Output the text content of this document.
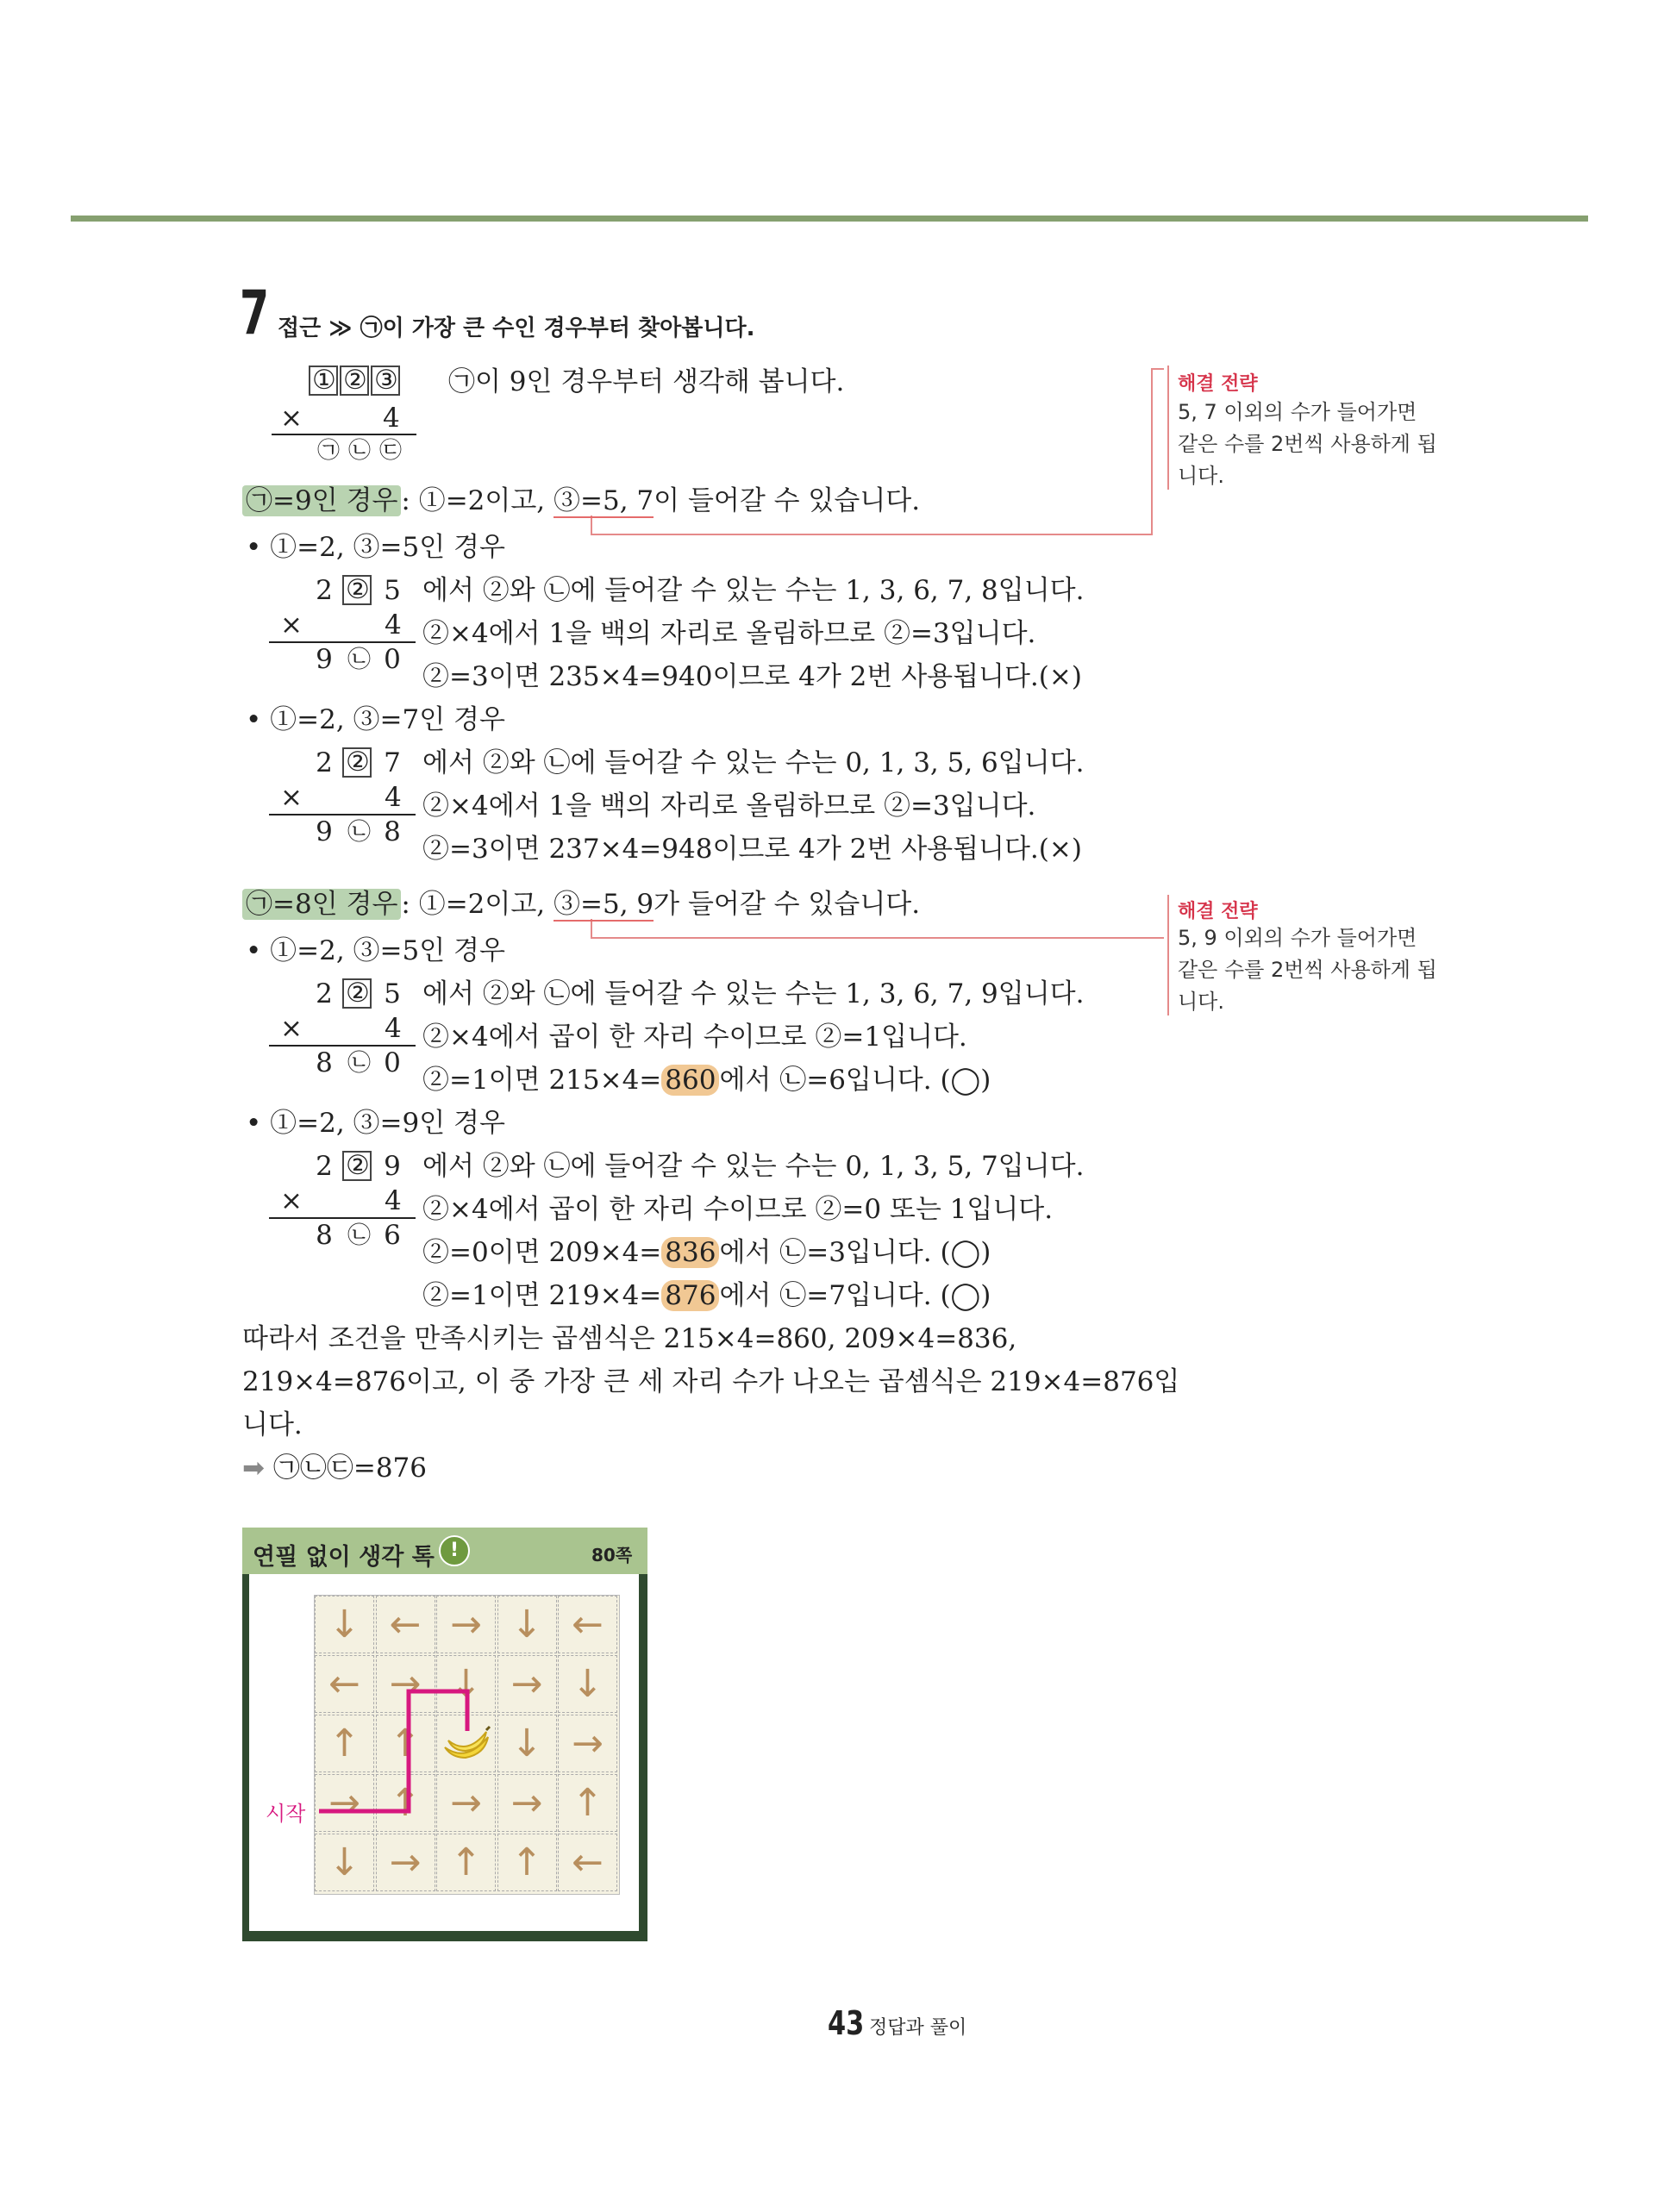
7 접근 ≫ ㉠이 가장 큰 수인 경우부터 찾아봅니다.
① ② ③
×	4
㉠ ㉡ ㉢
㉠이 9인 경우부터 생각해 봅니다.	해결 전략
5, 7 이외의 수가 들어가면
같은 수를 2번씩 사용하게 됩
니다.
해결 전략
5, 9 이외의 수가 들어가면
같은 수를 2번씩 사용하게 됩
니다.
㉠=9인 경우 : ①=2이고, ③=5, 7이 들어갈 수 있습니다.
• ①=2, ③=5인 경우
2 ② 5
×	4
9 ㉡ 0
에서 ②와 ㉡에 들어갈 수 있는 수는 1, 3, 6, 7, 8입니다.
②×4에서 1을 백의 자리로 올림하므로 ②=3입니다.
②=3이면 235×4=940이므로 4가 2번 사용됩니다.(×)
• ①=2, ③=7인 경우
2 ② 7
×	4
9 ㉡ 8
에서 ②와 ㉡에 들어갈 수 있는 수는 0, 1, 3, 5, 6입니다.
②×4에서 1을 백의 자리로 올림하므로 ②=3입니다.
②=3이면 237×4=948이므로 4가 2번 사용됩니다.(×)
㉠=8인 경우 : ①=2이고, ③=5, 9가 들어갈 수 있습니다.
• ①=2, ③=5인 경우
2 ② 5
×	4
8 ㉡ 0
에서 ②와 ㉡에 들어갈 수 있는 수는 1, 3, 6, 7, 9입니다.
②×4에서 곱이 한 자리 수이므로 ②=1입니다.
②=1이면 215×4= 860 에서 ㉡=6입니다. (◯)
• ①=2, ③=9인 경우
2 ② 9
×	4
8 ㉡ 6
에서 ②와 ㉡에 들어갈 수 있는 수는 0, 1, 3, 5, 7입니다.
②×4에서 곱이 한 자리 수이므로 ②=0 또는 1입니다.
②=0이면 209×4= 836 에서 ㉡=3입니다. (◯)
②=1이면 219×4= 876 에서 ㉡=7입니다. (◯)
따라서 조건을 만족시키는 곱셈식은 215×4=860, 209×4=836,
219×4=876이고, 이 중 가장 큰 세 자리 수가 나오는 곱셈식은 219×4=876입
니다.
➡ ㉠㉡㉢=876
연필 없이 생각 톡 !	80쪽
↓ ← → ↓ ←
← → ↓ → ↓
↑ ↑	↓ →
→ ↑ → → ↑
↓ → ↑ ↑ ←
시작
43 정답과 풀이
